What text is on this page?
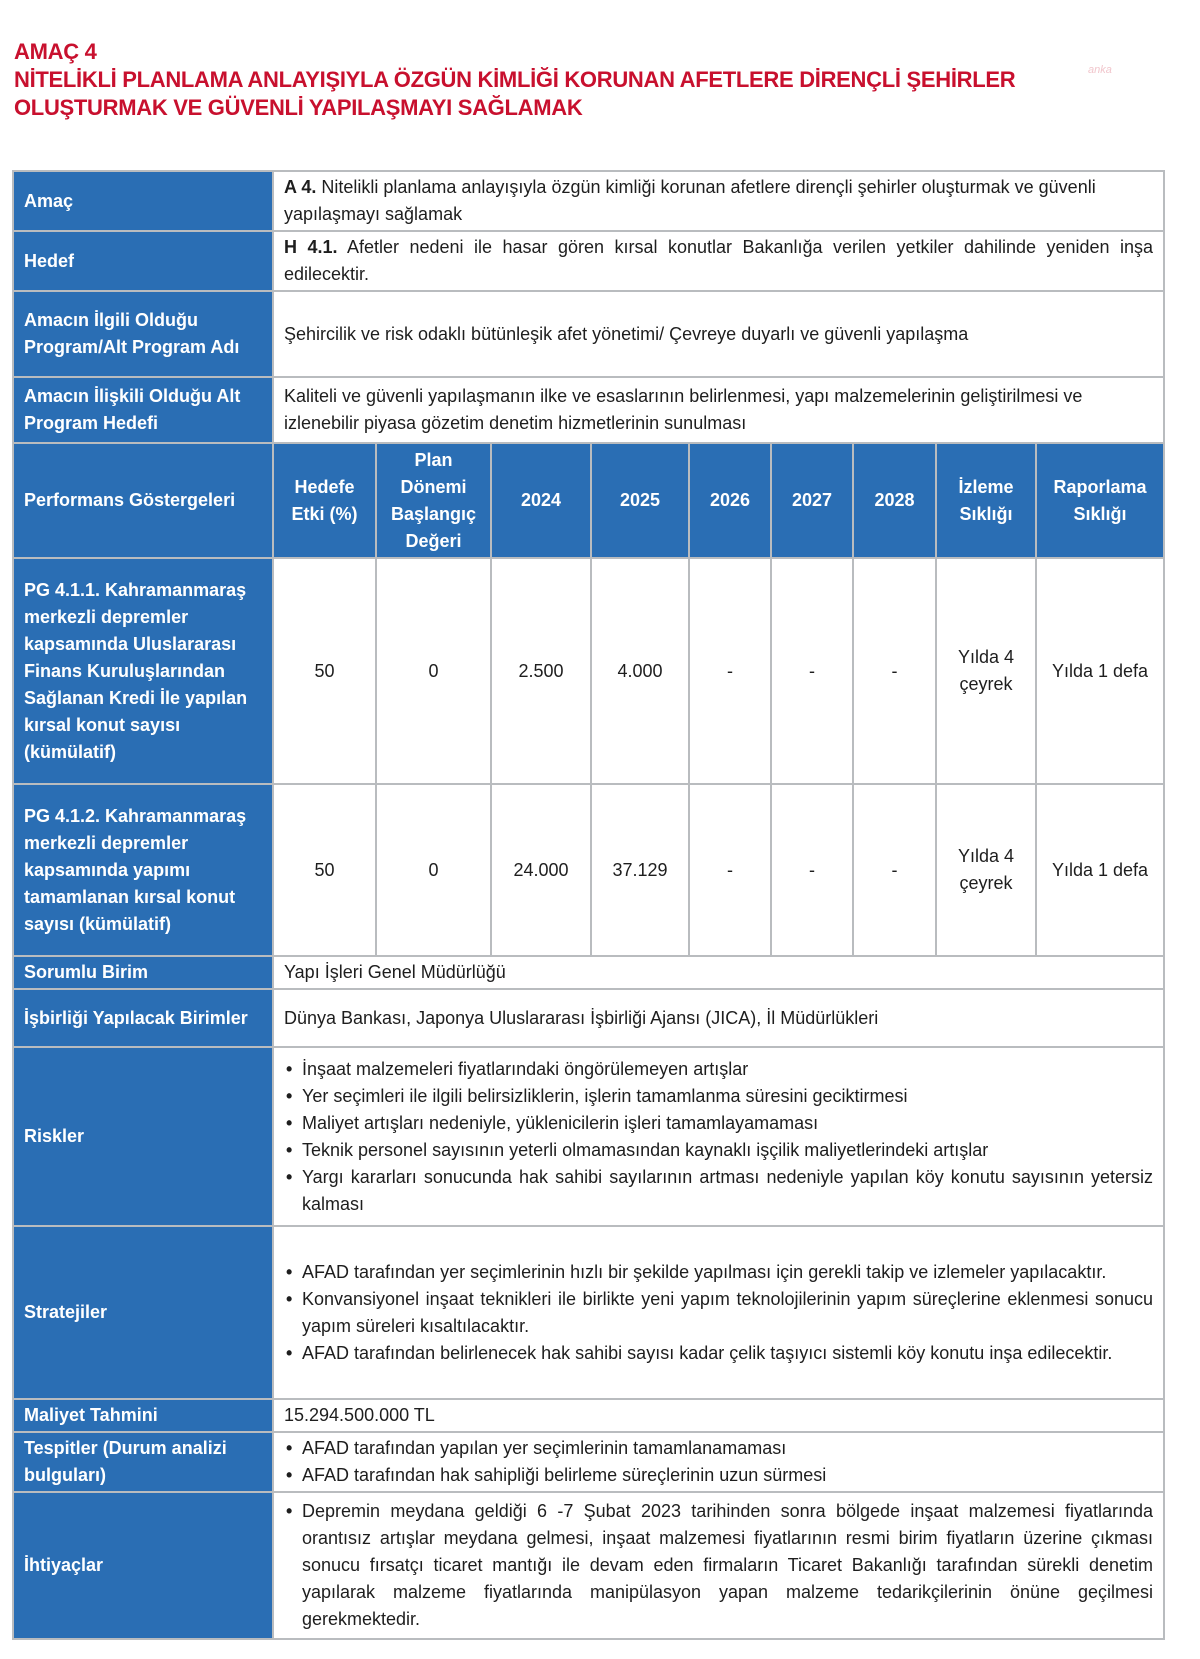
AMAÇ 4
NİTELİKLİ PLANLAMA ANLAYIŞIYLA ÖZGÜN KİMLİĞİ KORUNAN AFETLERE DİRENÇLİ ŞEHİRLER
OLUŞTURMAK VE GÜVENLİ YAPILAŞMAYI SAĞLAMAK
anka
Amaç	A 4. Nitelikli planlama anlayışıyla özgün kimliği korunan afetlere dirençli şehirler oluşturmak ve güvenli yapılaşmayı sağlamak								
Hedef	H 4.1. Afetler nedeni ile hasar gören kırsal konutlar Bakanlığa verilen yetkiler dahilinde yeniden inşa edilecektir.								
Amacın İlgili Olduğu Program/Alt Program Adı	Şehircilik ve risk odaklı bütünleşik afet yönetimi/ Çevreye duyarlı ve güvenli yapılaşma								
Amacın İlişkili Olduğu Alt Program Hedefi	Kaliteli ve güvenli yapılaşmanın ilke ve esaslarının belirlenmesi, yapı malzemelerinin geliştirilmesi ve izlenebilir piyasa gözetim denetim hizmetlerinin sunulması								
Performans Göstergeleri	Hedefe Etki (%)	Plan Dönemi Başlangıç Değeri	2024	2025	2026	2027	2028	İzleme Sıklığı	Raporlama Sıklığı
PG 4.1.1. Kahramanmaraş merkezli depremler kapsamında Uluslararası Finans Kuruluşlarından Sağlanan Kredi İle yapılan kırsal konut sayısı (kümülatif)	50	0	2.500	4.000	-	-	-	Yılda 4 çeyrek	Yılda 1 defa
PG 4.1.2. Kahramanmaraş merkezli depremler kapsamında yapımı tamamlanan kırsal konut sayısı (kümülatif)	50	0	24.000	37.129	-	-	-	Yılda 4 çeyrek	Yılda 1 defa
Sorumlu Birim	Yapı İşleri Genel Müdürlüğü								
İşbirliği Yapılacak Birimler	Dünya Bankası, Japonya Uluslararası İşbirliği Ajansı (JICA), İl Müdürlükleri								
Riskler	
• İnşaat malzemeleri fiyatlarındaki öngörülemeyen artışlar
• Yer seçimleri ile ilgili belirsizliklerin, işlerin tamamlanma süresini geciktirmesi
• Maliyet artışları nedeniyle, yüklenicilerin işleri tamamlayamaması
• Teknik personel sayısının yeterli olmamasından kaynaklı işçilik maliyetlerindeki artışlar
• Yargı kararları sonucunda hak sahibi sayılarının artması nedeniyle yapılan köy konutu sayısının yetersiz kalması

Stratejiler	
• AFAD tarafından yer seçimlerinin hızlı bir şekilde yapılması için gerekli takip ve izlemeler yapılacaktır.
• Konvansiyonel inşaat teknikleri ile birlikte yeni yapım teknolojilerinin yapım süreçlerine eklenmesi sonucu yapım süreleri kısaltılacaktır.
• AFAD tarafından belirlenecek hak sahibi sayısı kadar çelik taşıyıcı sistemli köy konutu inşa edilecektir.

Maliyet Tahmini	15.294.500.000 TL								
Tespitler (Durum analizi bulguları)	
• AFAD tarafından yapılan yer seçimlerinin tamamlanamaması
• AFAD tarafından hak sahipliği belirleme süreçlerinin uzun sürmesi

İhtiyaçlar	
• Depremin meydana geldiği 6 -7 Şubat 2023 tarihinden sonra bölgede inşaat malzemesi fiyatlarında orantısız artışlar meydana gelmesi, inşaat malzemesi fiyatlarının resmi birim fiyatların üzerine çıkması sonucu fırsatçı ticaret mantığı ile devam eden firmaların Ticaret Bakanlığı tarafından sürekli denetim yapılarak malzeme fiyatlarında manipülasyon yapan malzeme tedarikçilerinin önüne geçilmesi gerekmektedir.
